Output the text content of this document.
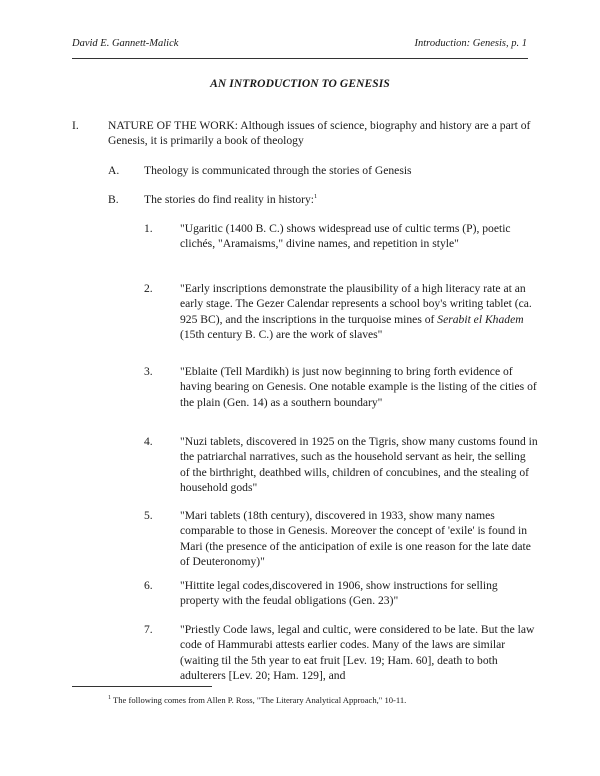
David E. Gannett-Malick	Introduction: Genesis, p. 1
AN INTRODUCTION TO GENESIS
I.	NATURE OF THE WORK: Although issues of science, biography and history are a part of Genesis, it is primarily a book of theology
A. Theology is communicated through the stories of Genesis
B. The stories do find reality in history:$^1$
1. "Ugaritic (1400 B. C.) shows widespread use of cultic terms (P), poetic clichés, "Aramaisms," divine names, and repetition in style"
2. "Early inscriptions demonstrate the plausibility of a high literacy rate at an early stage. The Gezer Calendar represents a school boy's writing tablet (ca. 925 BC), and the inscriptions in the turquoise mines of Serabit el Khadem (15th century B. C.) are the work of slaves"
3. "Eblaite (Tell Mardikh) is just now beginning to bring forth evidence of having bearing on Genesis. One notable example is the listing of the cities of the plain (Gen. 14) as a southern boundary"
4. "Nuzi tablets, discovered in 1925 on the Tigris, show many customs found in the patriarchal narratives, such as the household servant as heir, the selling of the birthright, deathbed wills, children of concubines, and the stealing of household gods"
5. "Mari tablets (18th century), discovered in 1933, show many names comparable to those in Genesis. Moreover the concept of 'exile' is found in Mari (the presence of the anticipation of exile is one reason for the late date of Deuteronomy)"
6. "Hittite legal codes,discovered in 1906, show instructions for selling property with the feudal obligations (Gen. 23)"
7. "Priestly Code laws, legal and cultic, were considered to be late. But the law code of Hammurabi attests earlier codes. Many of the laws are similar (waiting til the 5th year to eat fruit [Lev. 19; Ham. 60], death to both adulterers [Lev. 20; Ham. 129], and
$^1$ The following comes from Allen P. Ross, "The Literary Analytical Approach," 10-11.
